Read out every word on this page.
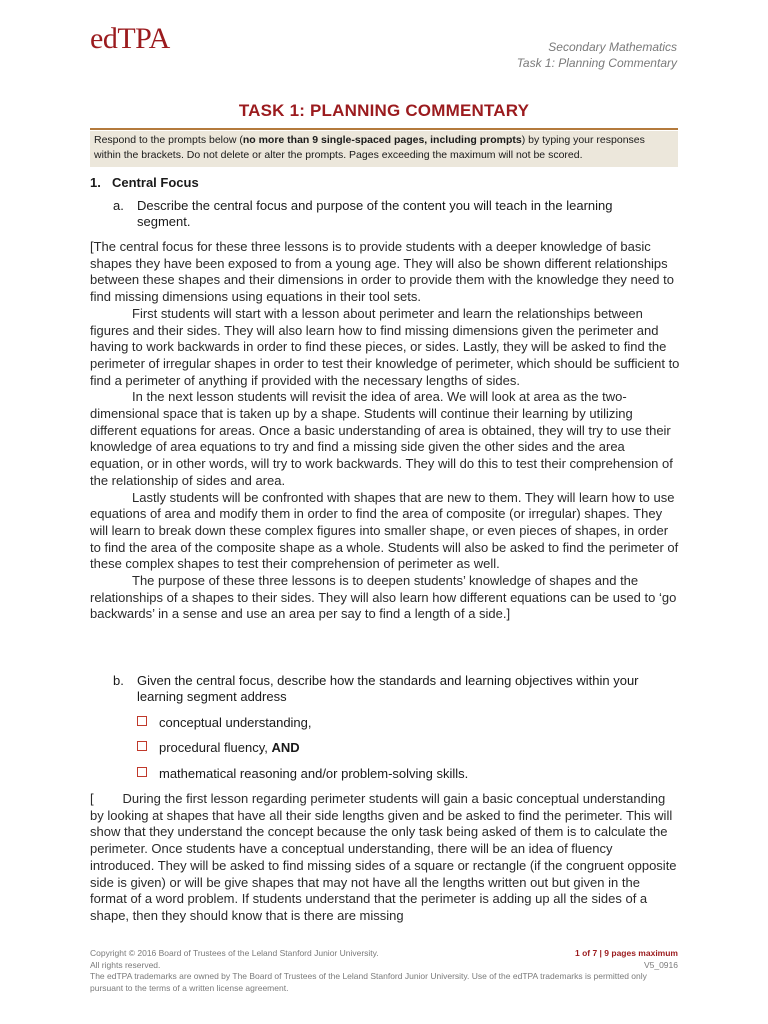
edTPA	Secondary Mathematics
Task 1: Planning Commentary
TASK 1: PLANNING COMMENTARY
Respond to the prompts below (no more than 9 single-spaced pages, including prompts) by typing your responses within the brackets. Do not delete or alter the prompts. Pages exceeding the maximum will not be scored.
1. Central Focus
a. Describe the central focus and purpose of the content you will teach in the learning
segment.

[The central focus for these three lessons is to provide students with a deeper knowledge of basic shapes they have been exposed to from a young age. They will also be shown different relationships between these shapes and their dimensions in order to provide them with the knowledge they need to find missing dimensions using equations in their tool sets.

First students will start with a lesson about perimeter and learn the relationships between figures and their sides. They will also learn how to find missing dimensions given the perimeter and having to work backwards in order to find these pieces, or sides. Lastly, they will be asked to find the perimeter of irregular shapes in order to test their knowledge of perimeter, which should be sufficient to find a perimeter of anything if provided with the necessary lengths of sides.

In the next lesson students will revisit the idea of area. We will look at area as the two-dimensional space that is taken up by a shape. Students will continue their learning by utilizing different equations for areas. Once a basic understanding of area is obtained, they will try to use their knowledge of area equations to try and find a missing side given the other sides and the area equation, or in other words, will try to work backwards. They will do this to test their comprehension of the relationship of sides and area.

Lastly students will be confronted with shapes that are new to them. They will learn how to use equations of area and modify them in order to find the area of composite (or irregular) shapes. They will learn to break down these complex figures into smaller shape, or even pieces of shapes, in order to find the area of the composite shape as a whole. Students will also be asked to find the perimeter of these complex shapes to test their comprehension of perimeter as well.

The purpose of these three lessons is to deepen students’ knowledge of shapes and the relationships of a shapes to their sides. They will also learn how different equations can be used to ‘go backwards’ in a sense and use an area per say to find a length of a side.]

b. Given the central focus, describe how the standards and learning objectives within your
learning segment address
conceptual understanding,
procedural fluency, AND
mathematical reasoning and/or problem-solving skills.
[        During the first lesson regarding perimeter students will gain a basic conceptual understanding by looking at shapes that have all their side lengths given and be asked to find the perimeter. This will show that they understand the concept because the only task being asked of them is to calculate the perimeter. Once students have a conceptual understanding, there will be an idea of fluency introduced. They will be asked to find missing sides of a square or rectangle (if the congruent opposite side is given) or will be give shapes that may not have all the lengths written out but given in the format of a word problem. If students understand that the perimeter is adding up all the sides of a shape, then they should know that is there are missing
Copyright © 2016 Board of Trustees of the Leland Stanford Junior University.
All rights reserved.
The edTPA trademarks are owned by The Board of Trustees of the Leland Stanford Junior University. Use of the edTPA trademarks is permitted only pursuant to the terms of a written license agreement.
1 of 7 | 9 pages maximum
V5_0916
